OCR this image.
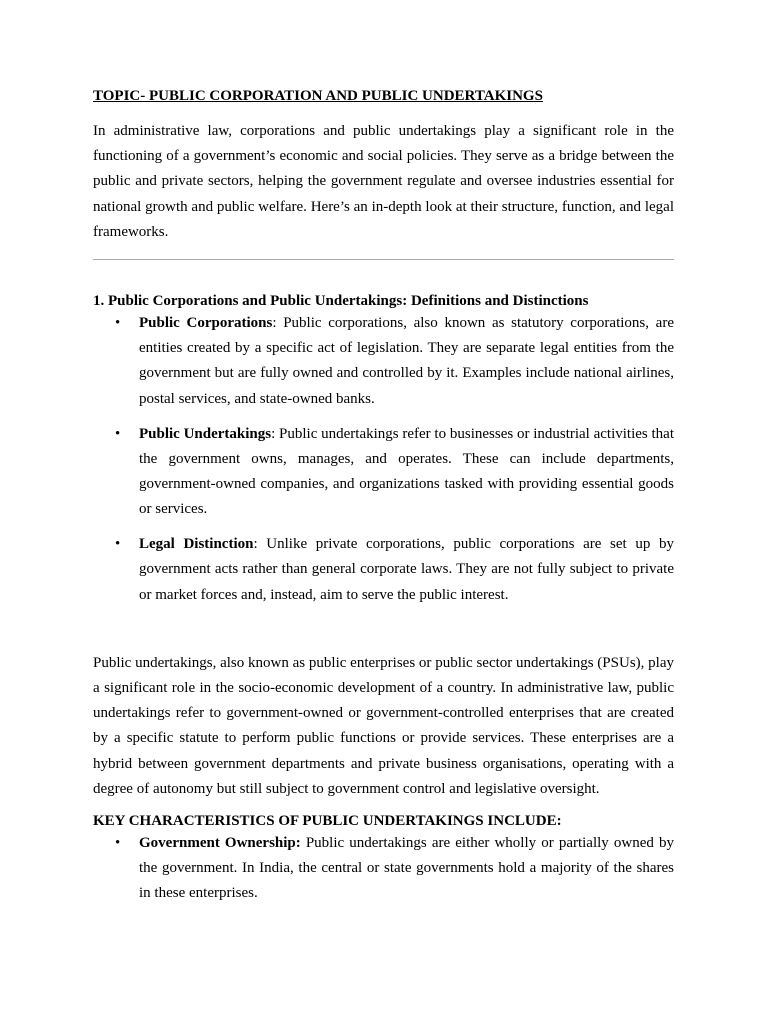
TOPIC- PUBLIC CORPORATION AND PUBLIC UNDERTAKINGS

In administrative law, corporations and public undertakings play a significant role in the functioning of a government’s economic and social policies. They serve as a bridge between the public and private sectors, helping the government regulate and oversee industries essential for national growth and public welfare. Here’s an in-depth look at their structure, function, and legal frameworks.

1. Public Corporations and Public Undertakings: Definitions and Distinctions
• Public Corporations: Public corporations, also known as statutory corporations, are entities created by a specific act of legislation. They are separate legal entities from the government but are fully owned and controlled by it. Examples include national airlines, postal services, and state-owned banks.
• Public Undertakings: Public undertakings refer to businesses or industrial activities that the government owns, manages, and operates. These can include departments, government-owned companies, and organizations tasked with providing essential goods or services.
• Legal Distinction: Unlike private corporations, public corporations are set up by government acts rather than general corporate laws. They are not fully subject to private or market forces and, instead, aim to serve the public interest.

Public undertakings, also known as public enterprises or public sector undertakings (PSUs), play a significant role in the socio-economic development of a country. In administrative law, public undertakings refer to government-owned or government-controlled enterprises that are created by a specific statute to perform public functions or provide services. These enterprises are a hybrid between government departments and private business organisations, operating with a degree of autonomy but still subject to government control and legislative oversight.

KEY CHARACTERISTICS OF PUBLIC UNDERTAKINGS INCLUDE:
• Government Ownership: Public undertakings are either wholly or partially owned by the government. In India, the central or state governments hold a majority of the shares in these enterprises.
